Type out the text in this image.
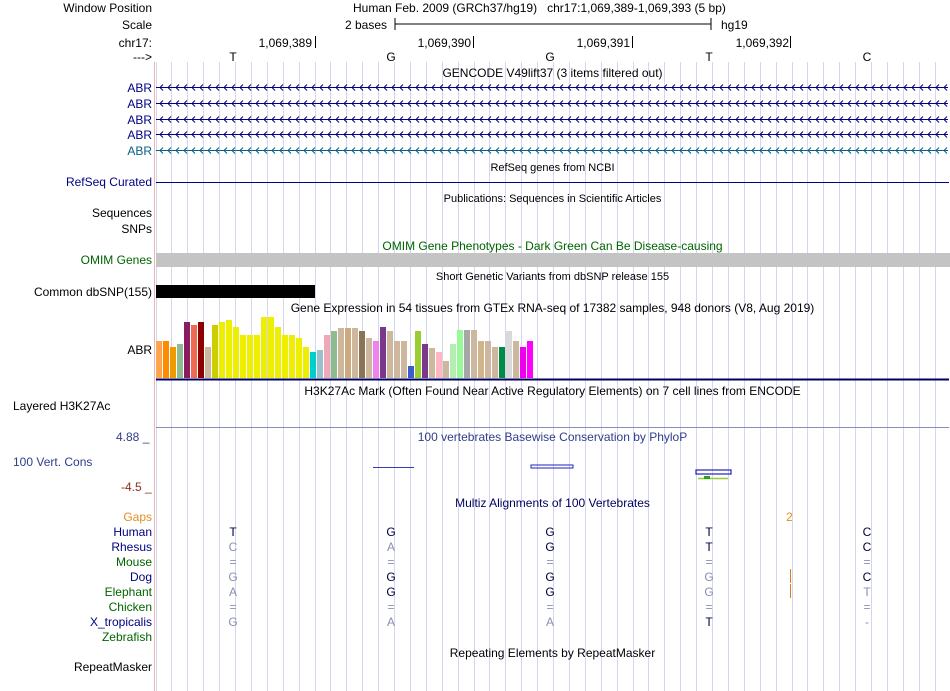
Window Position	Human Feb. 2009 (GRCh37/hg19)   chr17:1,069,389-1,069,393 (5 bp)
Scale	2 bases	hg19
chr17:	1,069,389	1,069,390	1,069,391	1,069,392
--->	T	G	G	T	C
GENCODE V49lift37 (3 items filtered out)
ABR
ABR
ABR
ABR
ABR
RefSeq genes from NCBI
RefSeq Curated
Publications: Sequences in Scientific Articles
Sequences
SNPs
OMIM Gene Phenotypes - Dark Green Can Be Disease-causing
OMIM Genes
Short Genetic Variants from dbSNP release 155
Common dbSNP(155)
Gene Expression in 54 tissues from GTEx RNA-seq of 17382 samples, 948 donors (V8, Aug 2019)
ABR
H3K27Ac Mark (Often Found Near Active Regulatory Elements) on 7 cell lines from ENCODE
Layered H3K27Ac
100 vertebrates Basewise Conservation by PhyloP
4.88 _
100 Vert. Cons
-4.5 _
Multiz Alignments of 100 Vertebrates
Gaps	2
Human	T	G	G	T	C
Rhesus	C	A	G	T	C
Mouse	=	=	=	=	=
Dog	G	G	G	G	C
Elephant	A	G	G	G	T
Chicken	=	=	=	=	=
X_tropicalis	G	A	A	T	-
Zebrafish
Repeating Elements by RepeatMasker
RepeatMasker
